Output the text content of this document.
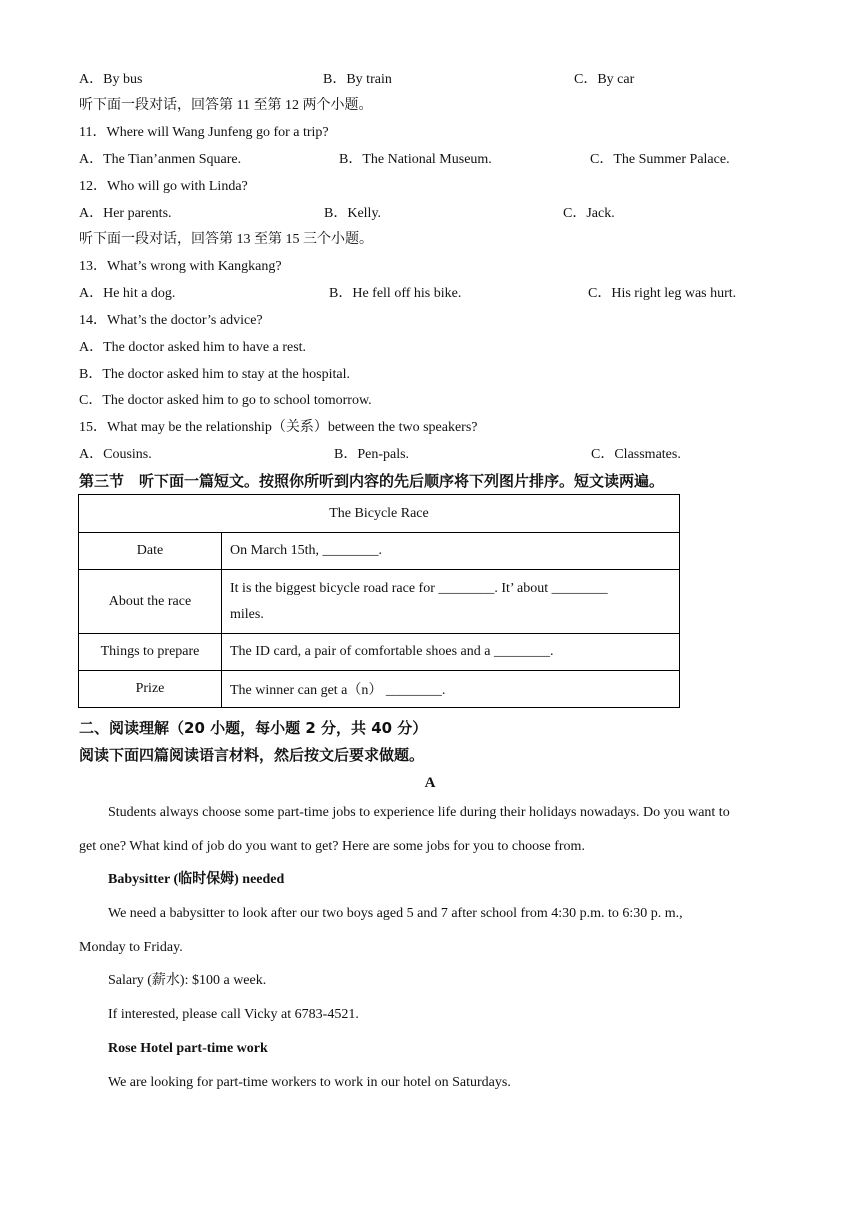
A．By bus	B．By train	C．By car
听下面一段对话，回答第 11 至第 12 两个小题。
11．Where will Wang Junfeng go for a trip?
A．The Tian’anmen Square.	B．The National Museum.	C．The Summer Palace.
12．Who will go with Linda?
A．Her parents.	B．Kelly.	C．Jack.
听下面一段对话，回答第 13 至第 15 三个小题。
13．What’s wrong with Kangkang?
A．He hit a dog.	B．He fell off his bike.	C．His right leg was hurt.
14．What’s the doctor’s advice?
A．The doctor asked him to have a rest.
B．The doctor asked him to stay at the hospital.
C．The doctor asked him to go to school tomorrow.
15．What may be the relationship（关系）between the two speakers?
A．Cousins.	B．Pen-pals.	C．Classmates.
第三节　听下面一篇短文。按照你所听到内容的先后顺序将下列图片排序。短文读两遍。
The Bicycle Race	
Date	On March 15th, ________.
About the race	It is the biggest bicycle road race for ________. It’ about ________
miles.

Things to prepare	The ID card, a pair of comfortable shoes and a ________.
Prize	The winner can get a（n） ________.
二、阅读理解（20 小题，每小题 2 分，共 40 分）
阅读下面四篇阅读语言材料，然后按文后要求做题。
A
Students always choose some part-time jobs to experience life during their holidays nowadays. Do you want to
get one? What kind of job do you want to get? Here are some jobs for you to choose from.
Babysitter (临时保姆) needed
We need a babysitter to look after our two boys aged 5 and 7 after school from 4:30 p.m. to 6:30 p. m.,
Monday to Friday.
Salary (薪水): $100 a week.
If interested, please call Vicky at 6783-4521.
Rose Hotel part-time work
We are looking for part-time workers to work in our hotel on Saturdays.
